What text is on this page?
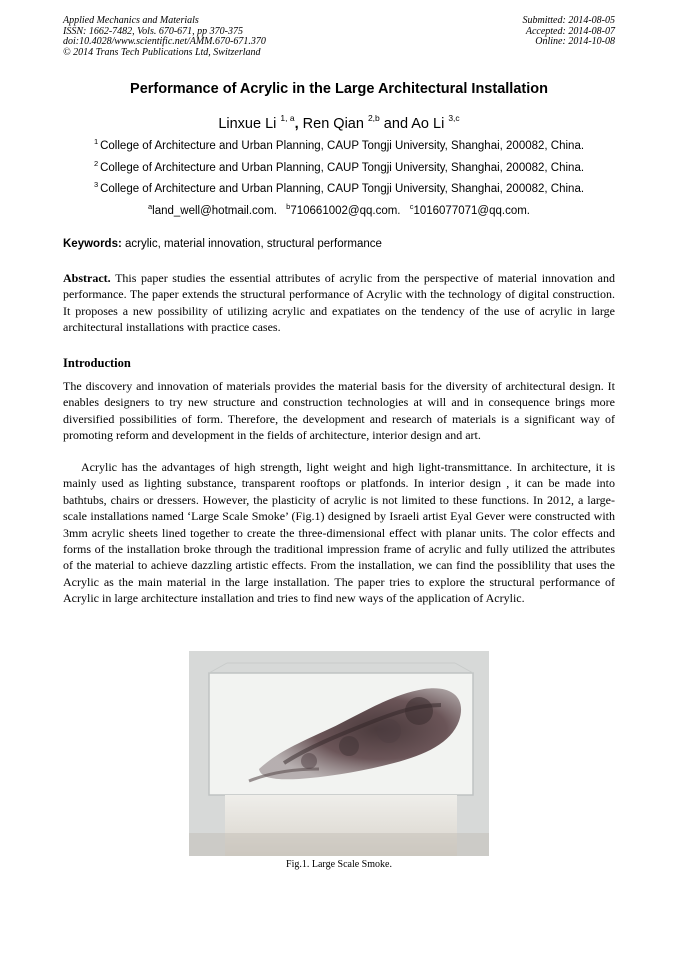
Applied Mechanics and Materials
ISSN: 1662-7482, Vols. 670-671, pp 370-375
doi:10.4028/www.scientific.net/AMM.670-671.370
© 2014 Trans Tech Publications Ltd, Switzerland
Submitted: 2014-08-05
Accepted: 2014-08-07
Online: 2014-10-08
Performance of Acrylic in the Large Architectural Installation
Linxue Li $^{1, a}$, Ren Qian $^{2,b}$ and Ao Li $^{3,c}$
$^1$ College of Architecture and Urban Planning, CAUP Tongji University, Shanghai, 200082, China.
$^2$ College of Architecture and Urban Planning, CAUP Tongji University, Shanghai, 200082, China.
$^3$ College of Architecture and Urban Planning, CAUP Tongji University, Shanghai, 200082, China.
$^a$land_well@hotmail.com. $^b$710661002@qq.com. $^c$1016077071@qq.com.
Keywords: acrylic, material innovation, structural performance
Abstract. This paper studies the essential attributes of acrylic from the perspective of material innovation and performance. The paper extends the structural performance of Acrylic with the technology of digital construction. It proposes a new possibility of utilizing acrylic and expatiates on the tendency of the use of acrylic in large architectural installations with practice cases.
Introduction
The discovery and innovation of materials provides the material basis for the diversity of architectural design. It enables designers to try new structure and construction technologies at will and in consequence brings more diversified possibilities of form. Therefore, the development and research of materials is a significant way of promoting reform and development in the fields of architecture, interior design and art.
Acrylic has the advantages of high strength, light weight and high light-transmittance. In architecture, it is mainly used as lighting substance, transparent rooftops or platfonds. In interior design , it can be made into bathtubs, chairs or dressers. However, the plasticity of acrylic is not limited to these functions. In 2012, a large-scale installations named ‘Large Scale Smoke’ (Fig.1) designed by Israeli artist Eyal Gever were constructed with 3mm acrylic sheets lined together to create the three-dimensional effect with planar units. The color effects and forms of the installation broke through the traditional impression frame of acrylic and fully utilized the attributes of the material to achieve dazzling artistic effects. From the installation, we can find the possiblility that uses the Acrylic as the main material in the large installation. The paper tries to explore the structural performance of Acrylic in large architecture installation and tries to find new ways of the application of Acrylic.
Fig.1. Large Scale Smoke.
